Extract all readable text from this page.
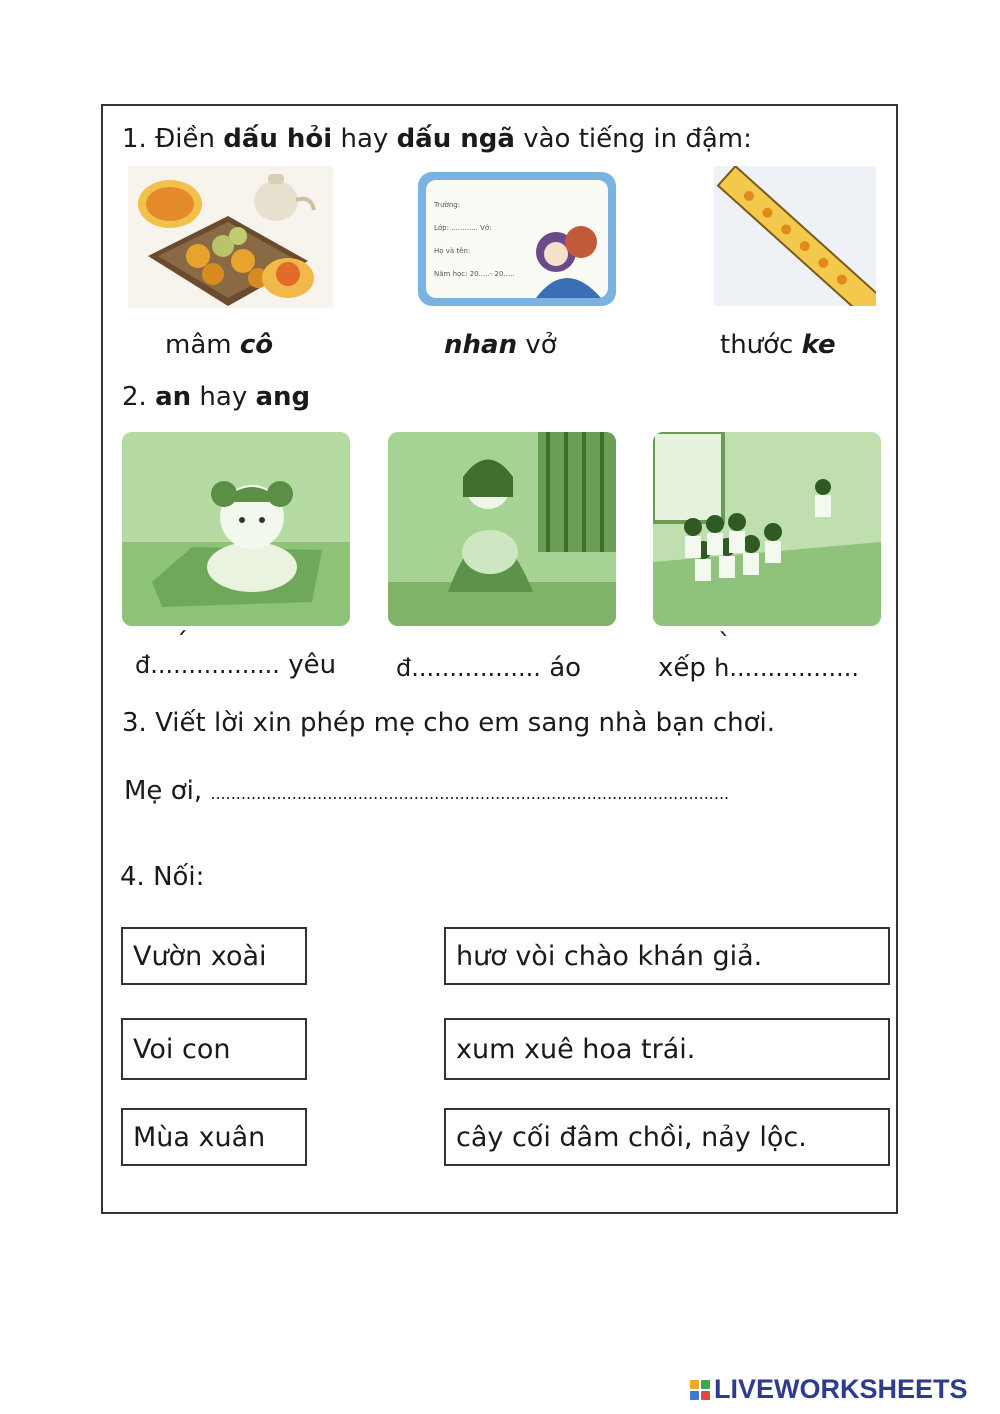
1. Điền dấu hỏi hay dấu ngã vào tiếng in đậm:
Trường:
Lớp: ............ Vở:
Họ và tên:
Năm học: 20.....- 20.....
mâm cô	nhan vở	thước ke
2. an hay ang
đ.................
ˊ
yêu đ................. áo	xếp h.................
ˋ
3. Viết lời xin phép mẹ cho em sang nhà bạn chơi.
Mẹ ơi, ......................................................................................................
4. Nối:
Vườn xoài
Voi con
Mùa xuân
hươ vòi chào khán giả.
xum xuê hoa trái.
cây cối đâm chồi, nảy lộc.
LIVEWORKSHEETS
